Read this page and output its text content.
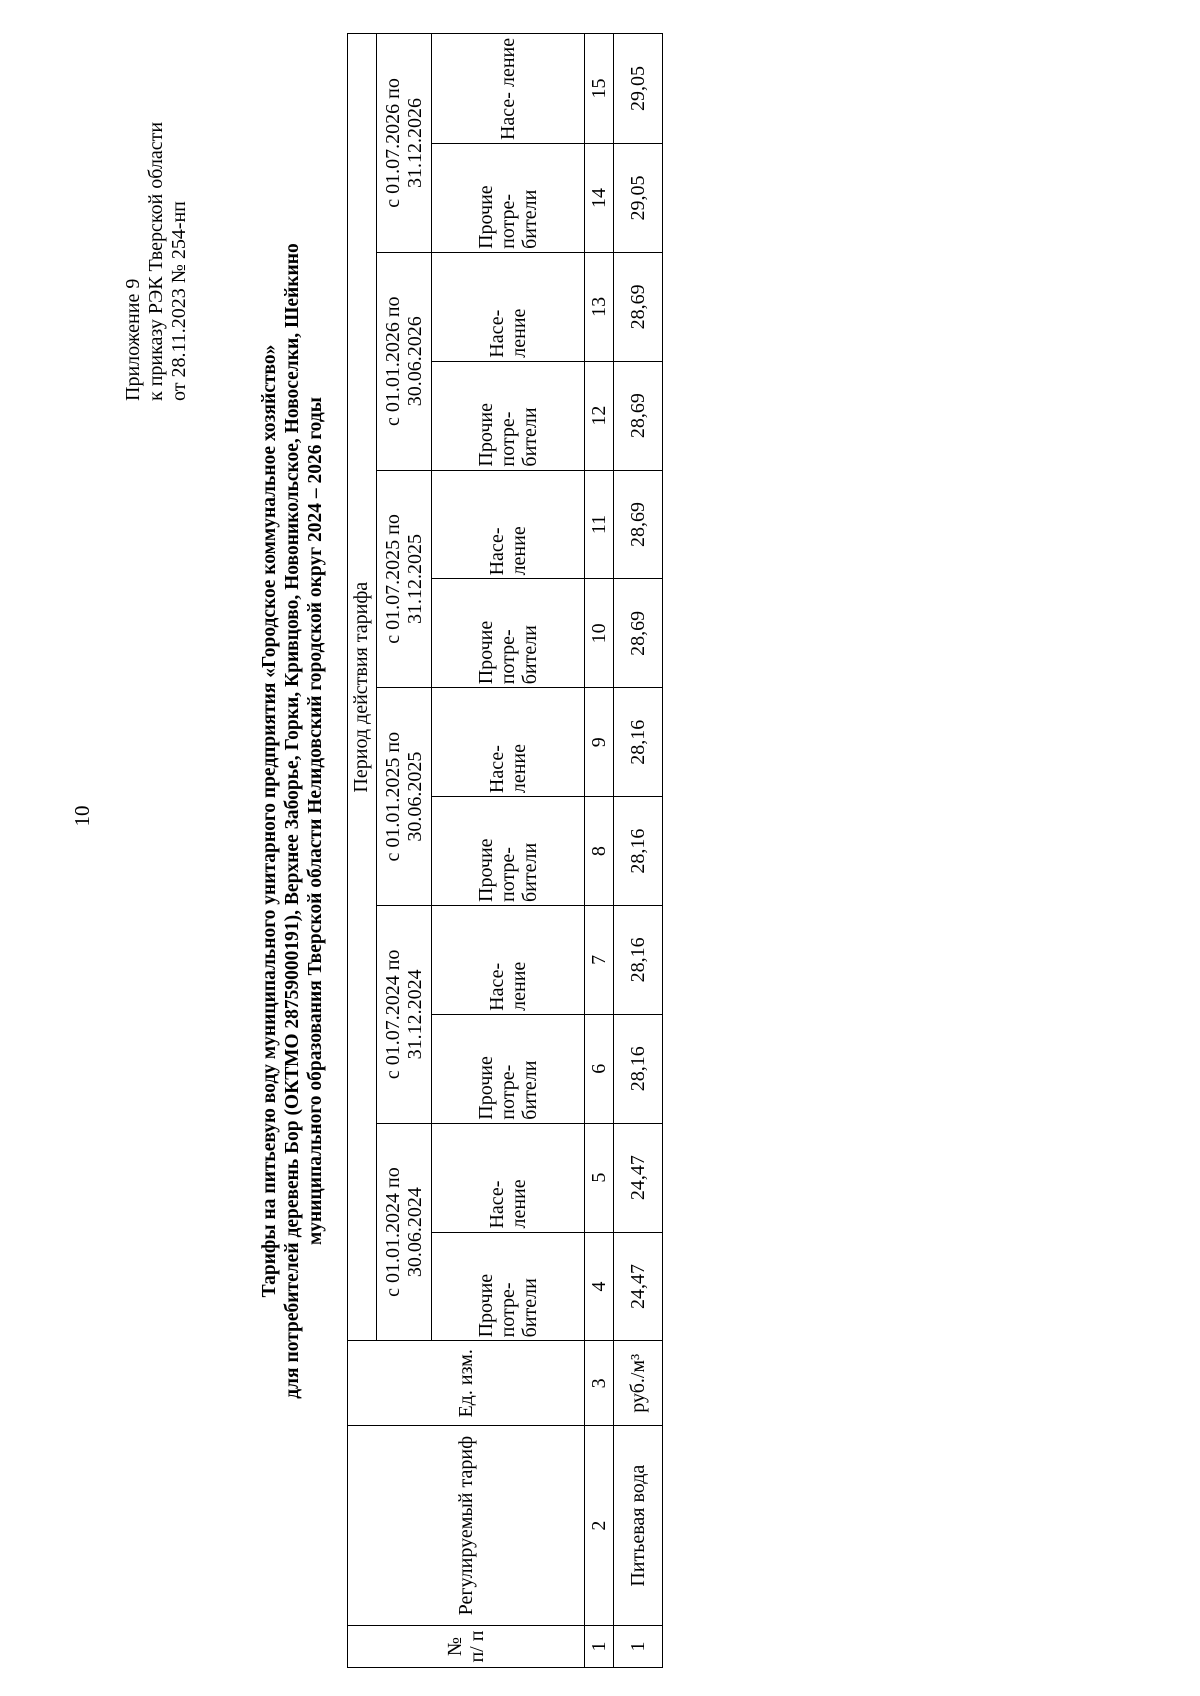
10
Приложение 9 к приказу РЭК Тверской области от 28.11.2023 № 254-нп
Тарифы на питьевую воду муниципального унитарного предприятия «Городское коммунальное хозяйство» для потребителей деревень Бор (ОКТМО 28759000191), Верхнее Заборье, Горки, Кривцово, Новоникольское, Новоселки, Шейкино муниципального образования Тверской области Нелидовский городской округ 2024 – 2026 годы
№ п/ п	Регулируемый тариф	Ед. изм.	Период действия тарифа											
			с 01.01.2024 по 30.06.2024		с 01.07.2024 по 31.12.2024		с 01.01.2025 по 30.06.2025		с 01.07.2025 по 31.12.2025		с 01.01.2026 по 30.06.2026		с 01.07.2026 по 31.12.2026	
			Прочие потре- бители	Насе- ление	Прочие потре- бители	Насе- ление	Прочие потре- бители	Насе- ление	Прочие потре- бители	Насе- ление	Прочие потре- бители	Насе- ление	Прочие потре- бители	Насе- ление
1	2	3	4	5	6	7	8	9	10	11	12	13	14	15
1	Питьевая вода	руб./м³	24,47	24,47	28,16	28,16	28,16	28,16	28,69	28,69	28,69	28,69	29,05	29,05
